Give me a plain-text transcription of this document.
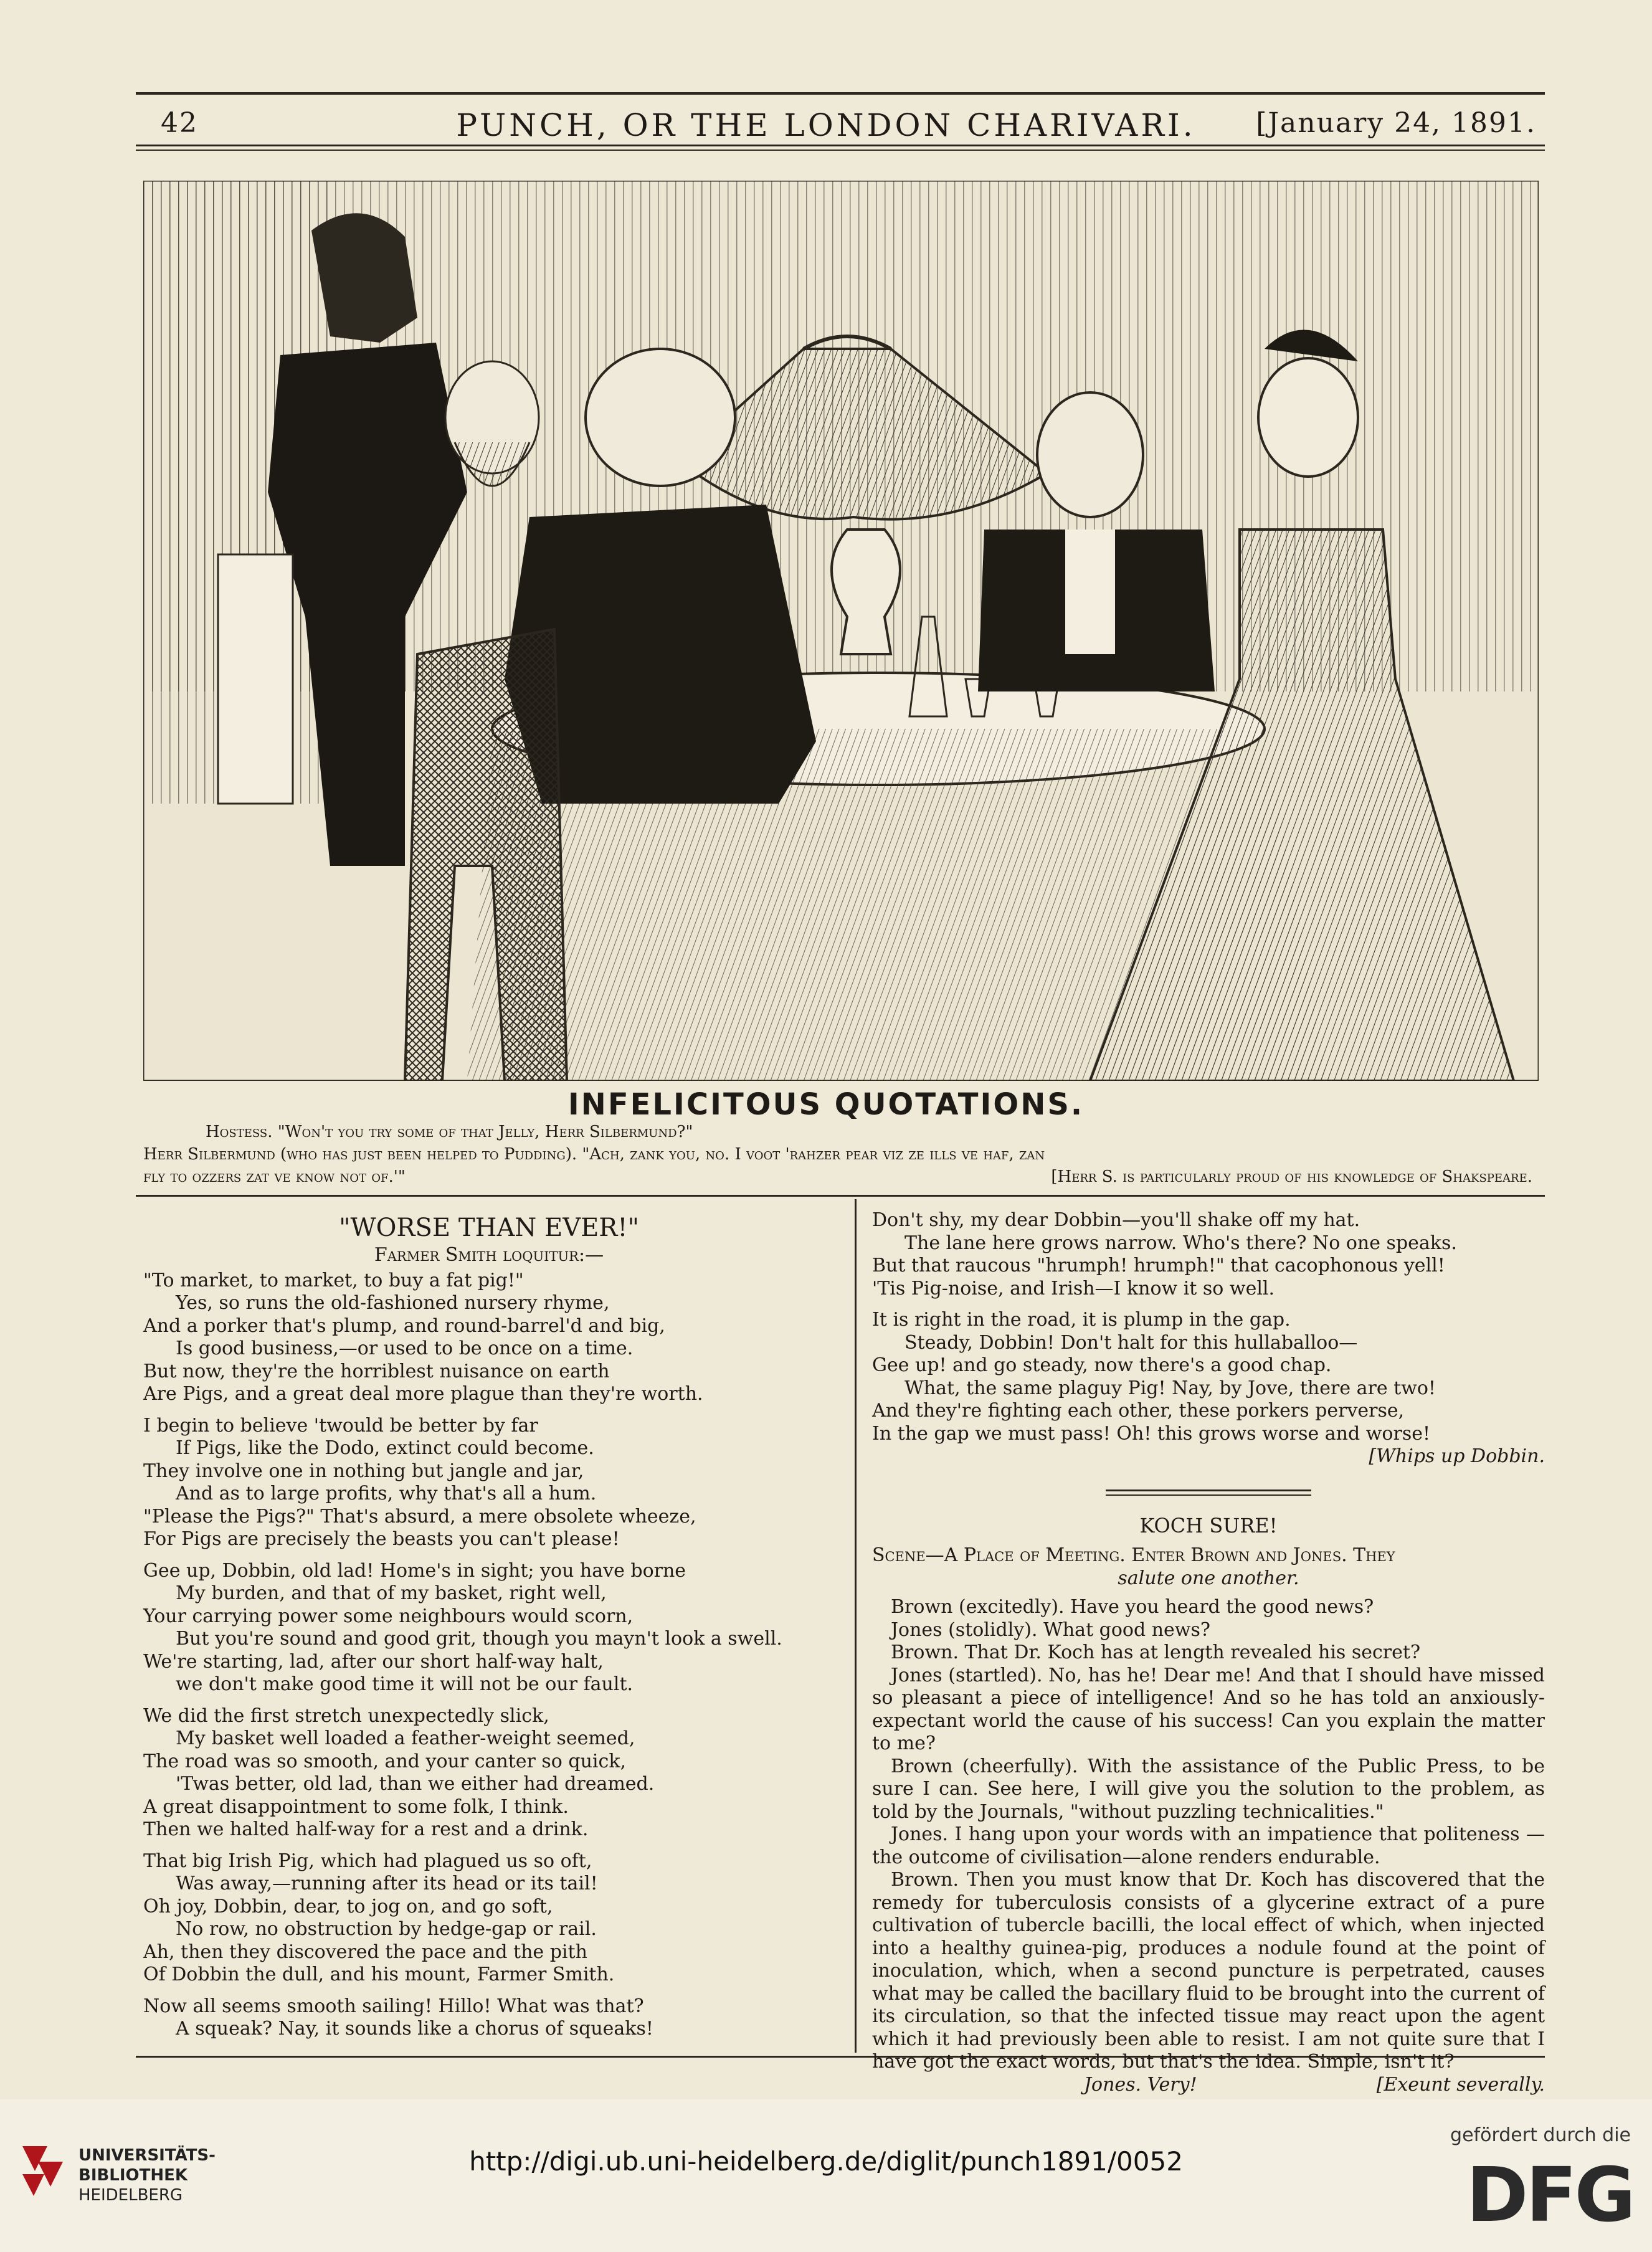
42	PUNCH, OR THE LONDON CHARIVARI.	[January 24, 1891.
INFELICITOUS QUOTATIONS.
Hostess. "Won't you try some of that Jelly, Herr Silbermund?"
Herr Silbermund (who has just been helped to Pudding). "Ach, zank you, no. I voot 'rahzer pear viz ze ills ve haf, zan
fly to ozzers zat ve know not of.'"	[Herr S. is particularly proud of his knowledge of Shakspeare.

"WORSE THAN EVER!"

Farmer Smith loquitur:—

"To market, to market, to buy a fat pig!"

Yes, so runs the old-fashioned nursery rhyme,

And a porker that's plump, and round-barrel'd and big,

Is good business,—or used to be once on a time.

But now, they're the horriblest nuisance on earth

Are Pigs, and a great deal more plague than they're worth.

I begin to believe 'twould be better by far

If Pigs, like the Dodo, extinct could become.

They involve one in nothing but jangle and jar,

And as to large profits, why that's all a hum.

"Please the Pigs?" That's absurd, a mere obsolete wheeze,

For Pigs are precisely the beasts you can't please!

Gee up, Dobbin, old lad! Home's in sight; you have borne

My burden, and that of my basket, right well,

Your carrying power some neighbours would scorn,

But you're sound and good grit, though you mayn't look a swell.

We're starting, lad, after our short half-way halt,

we don't make good time it will not be our fault.

We did the first stretch unexpectedly slick,

My basket well loaded a feather-weight seemed,

The road was so smooth, and your canter so quick,

'Twas better, old lad, than we either had dreamed.

A great disappointment to some folk, I think.

Then we halted half-way for a rest and a drink.

That big Irish Pig, which had plagued us so oft,

Was away,—running after its head or its tail!

Oh joy, Dobbin, dear, to jog on, and go soft,

No row, no obstruction by hedge-gap or rail.

Ah, then they discovered the pace and the pith

Of Dobbin the dull, and his mount, Farmer Smith.

Now all seems smooth sailing! Hillo! What was that?

A squeak? Nay, it sounds like a chorus of squeaks!

Don't shy, my dear Dobbin—you'll shake off my hat.

The lane here grows narrow. Who's there? No one speaks.

But that raucous "hrumph! hrumph!" that cacophonous yell!

'Tis Pig-noise, and Irish—I know it so well.

It is right in the road, it is plump in the gap.

Steady, Dobbin! Don't halt for this hullaballoo—

Gee up! and go steady, now there's a good chap.

What, the same plaguy Pig! Nay, by Jove, there are two!

And they're fighting each other, these porkers perverse,

In the gap we must pass! Oh! this grows worse and worse!

[Whips up Dobbin.

KOCH SURE!

Scene—A Place of Meeting. Enter Brown and Jones. They

salute one another.

Brown (excitedly). Have you heard the good news?

Jones (stolidly). What good news?

Brown. That Dr. Koch has at length revealed his secret?

Jones (startled). No, has he! Dear me! And that I should have missed so pleasant a piece of intelligence! And so he has told an anxiously-expectant world the cause of his success! Can you explain the matter to me?

Brown (cheerfully). With the assistance of the Public Press, to be sure I can. See here, I will give you the solution to the problem, as told by the Journals, "without puzzling technicalities."

Jones. I hang upon your words with an impatience that politeness —the outcome of civilisation—alone renders endurable.

Brown. Then you must know that Dr. Koch has discovered that the remedy for tuberculosis consists of a glycerine extract of a pure cultivation of tubercle bacilli, the local effect of which, when injected into a healthy guinea-pig, produces a nodule found at the point of inoculation, which, when a second puncture is perpetrated, causes what may be called the bacillary fluid to be brought into the current of its circulation, so that the infected tissue may react upon the agent which it had previously been able to resist. I am not quite sure that I have got the exact words, but that's the idea. Simple, isn't it?

Jones. Very!	[Exeunt severally.

UNIVERSITÄTS-
BIBLIOTHEK
HEIDELBERG
http://digi.ub.uni-heidelberg.de/diglit/punch1891/0052
gefördert durch die
DFG
